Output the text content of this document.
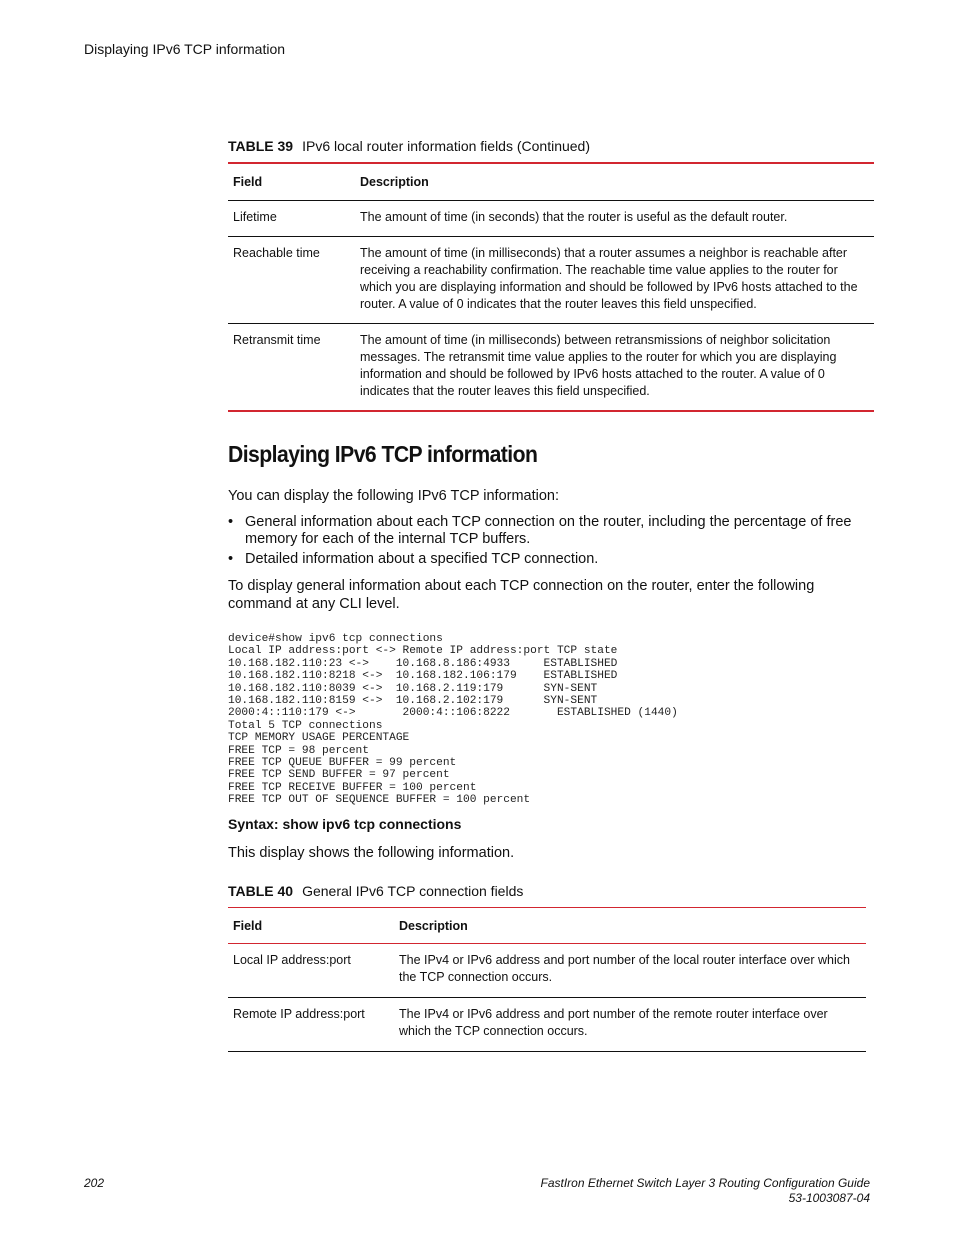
Displaying IPv6 TCP information
TABLE 39 IPv6 local router information fields (Continued)
Field	Description
Lifetime	The amount of time (in seconds) that the router is useful as the default router.
Reachable time	The amount of time (in milliseconds) that a router assumes a neighbor is reachable after receiving a reachability confirmation. The reachable time value applies to the router for which you are displaying information and should be followed by IPv6 hosts attached to the router. A value of 0 indicates that the router leaves this field unspecified.
Retransmit time	The amount of time (in milliseconds) between retransmissions of neighbor solicitation messages. The retransmit time value applies to the router for which you are displaying information and should be followed by IPv6 hosts attached to the router. A value of 0 indicates that the router leaves this field unspecified.
Displaying IPv6 TCP information

You can display the following IPv6 TCP information:

• General information about each TCP connection on the router, including the percentage of free memory for each of the internal TCP buffers.
• Detailed information about a specified TCP connection.

To display general information about each TCP connection on the router, enter the following command at any CLI level.

device#show ipv6 tcp connections
Local IP address:port <-> Remote IP address:port TCP state
10.168.182.110:23 <->    10.168.8.186:4933     ESTABLISHED
10.168.182.110:8218 <->  10.168.182.106:179    ESTABLISHED
10.168.182.110:8039 <->  10.168.2.119:179      SYN-SENT
10.168.182.110:8159 <->  10.168.2.102:179      SYN-SENT
2000:4::110:179 <->       2000:4::106:8222       ESTABLISHED (1440)
Total 5 TCP connections
TCP MEMORY USAGE PERCENTAGE
FREE TCP = 98 percent
FREE TCP QUEUE BUFFER = 99 percent
FREE TCP SEND BUFFER = 97 percent
FREE TCP RECEIVE BUFFER = 100 percent
FREE TCP OUT OF SEQUENCE BUFFER = 100 percent
Syntax: show ipv6 tcp connections

This display shows the following information.

TABLE 40 General IPv6 TCP connection fields
Field	Description
Local IP address:port	The IPv4 or IPv6 address and port number of the local router interface over which the TCP connection occurs.
Remote IP address:port	The IPv4 or IPv6 address and port number of the remote router interface over which the TCP connection occurs.
202	FastIron Ethernet Switch Layer 3 Routing Configuration Guide
53-1003087-04
